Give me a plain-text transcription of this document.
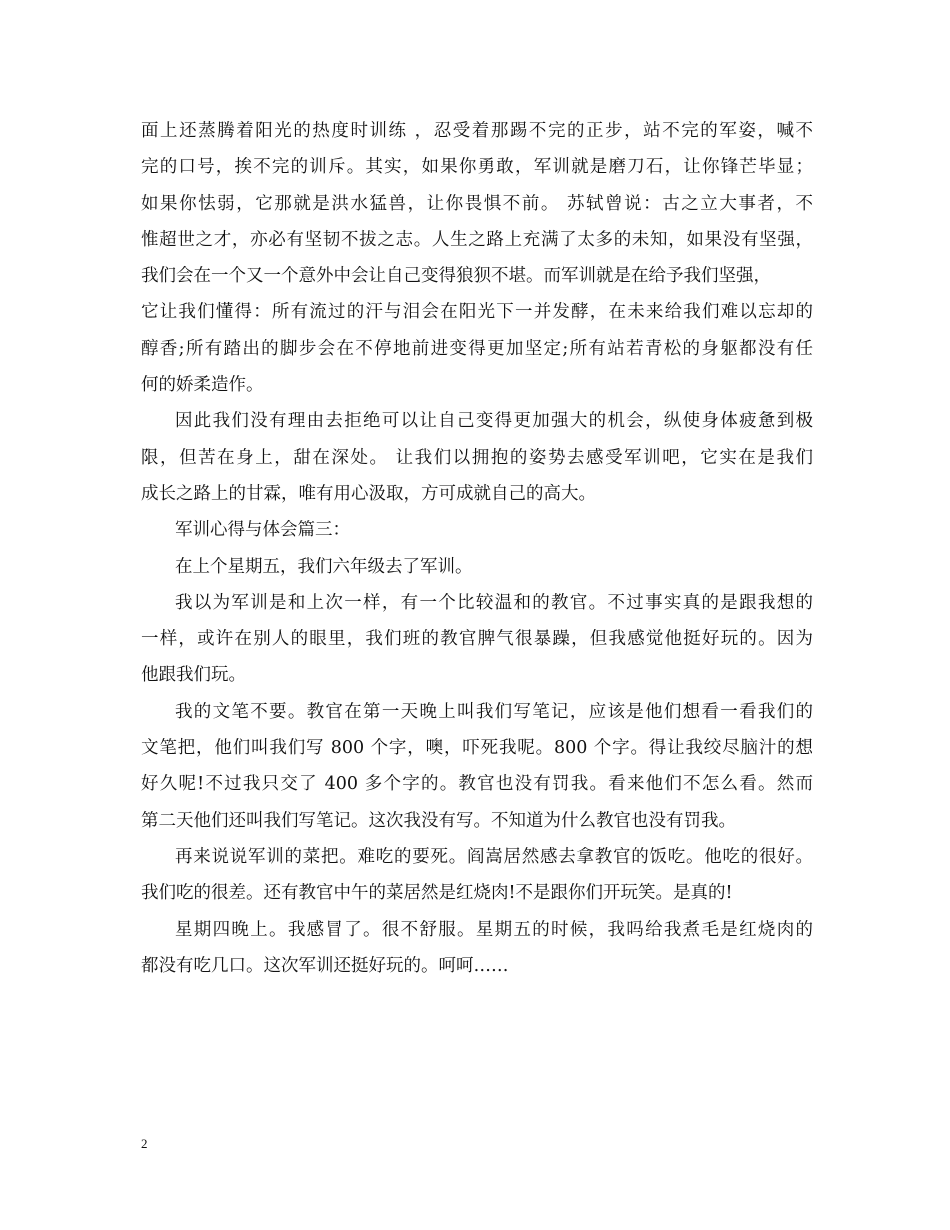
面上还蒸腾着阳光的热度时训练 ，忍受着那踢不完的正步，站不完的军姿，喊不
完的口号，挨不完的训斥。其实，如果你勇敢，军训就是磨刀石，让你锋芒毕显；
如果你怯弱，它那就是洪水猛兽，让你畏惧不前。 苏轼曾说：古之立大事者，不
惟超世之才，亦必有坚韧不拔之志。人生之路上充满了太多的未知，如果没有坚强，
我们会在一个又一个意外中会让自己变得狼狈不堪。而军训就是在给予我们坚强，
它让我们懂得：所有流过的汗与泪会在阳光下一并发酵，在未来给我们难以忘却的
醇香;所有踏出的脚步会在不停地前进变得更加坚定;所有站若青松的身躯都没有任
何的娇柔造作。
因此我们没有理由去拒绝可以让自己变得更加强大的机会，纵使身体疲惫到极
限，但苦在身上，甜在深处。 让我们以拥抱的姿势去感受军训吧，它实在是我们
成长之路上的甘霖，唯有用心汲取，方可成就自己的高大。
军训心得与体会篇三：
在上个星期五，我们六年级去了军训。
我以为军训是和上次一样，有一个比较温和的教官。不过事实真的是跟我想的
一样，或许在别人的眼里，我们班的教官脾气很暴躁，但我感觉他挺好玩的。因为
他跟我们玩。
我的文笔不要。教官在第一天晚上叫我们写笔记，应该是他们想看一看我们的
文笔把，他们叫我们写 800 个字，噢，吓死我呢。800 个字。得让我绞尽脑汁的想
好久呢!不过我只交了 400 多个字的。教官也没有罚我。看来他们不怎么看。然而
第二天他们还叫我们写笔记。这次我没有写。不知道为什么教官也没有罚我。
再来说说军训的菜把。难吃的要死。阎嵩居然感去拿教官的饭吃。他吃的很好。
我们吃的很差。还有教官中午的菜居然是红烧肉!不是跟你们开玩笑。是真的!
星期四晚上。我感冒了。很不舒服。星期五的时候，我吗给我煮毛是红烧肉的
都没有吃几口。这次军训还挺好玩的。呵呵……
2
